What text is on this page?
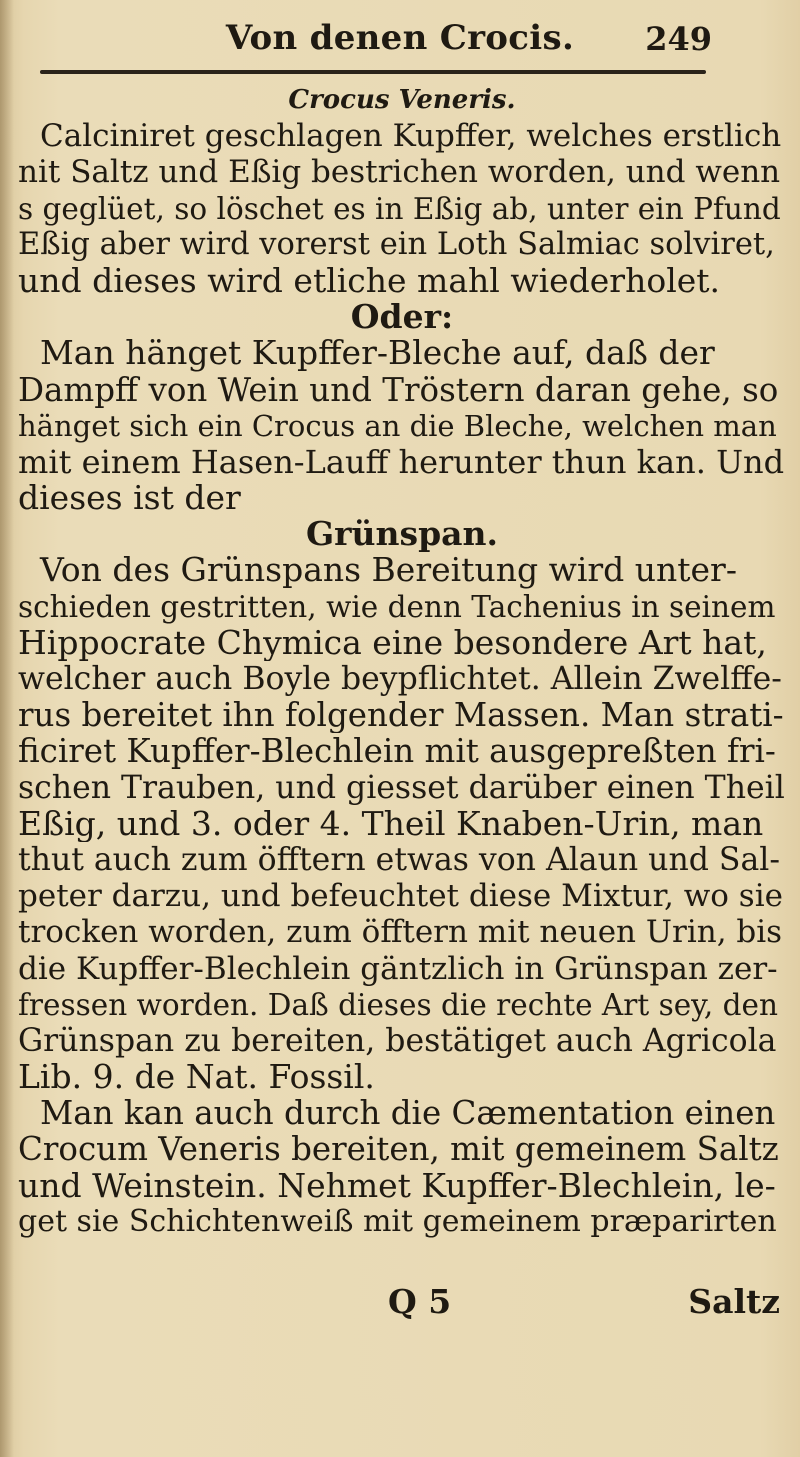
Von denen Crocis.	249
Crocus Veneris.
Calciniret geschlagen Kupffer, welches erstlich
nit Saltz und Eßig bestrichen worden, und wenn
s geglüet, so löschet es in Eßig ab, unter ein Pfund
Eßig aber wird vorerst ein Loth Salmiac solviret,
und dieses wird etliche mahl wiederholet.
Oder:
Man hänget Kupffer-Bleche auf, daß der
Dampff von Wein und Tröstern daran gehe, so
hänget sich ein Crocus an die Bleche, welchen man
mit einem Hasen-Lauff herunter thun kan. Und
dieses ist der
Grünspan.
Von des Grünspans Bereitung wird unter-
schieden gestritten, wie denn Tachenius in seinem
Hippocrate Chymica eine besondere Art hat,
welcher auch Boyle beypflichtet. Allein Zwelffe-
rus bereitet ihn folgender Massen. Man strati-
ficiret Kupffer-Blechlein mit ausgepreßten fri-
schen Trauben, und giesset darüber einen Theil
Eßig, und 3. oder 4. Theil Knaben-Urin, man
thut auch zum öfftern etwas von Alaun und Sal-
peter darzu, und befeuchtet diese Mixtur, wo sie
trocken worden, zum öfftern mit neuen Urin, bis
die Kupffer-Blechlein gäntzlich in Grünspan zer-
fressen worden. Daß dieses die rechte Art sey, den
Grünspan zu bereiten, bestätiget auch Agricola
Lib. 9. de Nat. Fossil.
Man kan auch durch die Cæmentation einen
Crocum Veneris bereiten, mit gemeinem Saltz
und Weinstein. Nehmet Kupffer-Blechlein, le-
get sie Schichtenweiß mit gemeinem præparirten
Q 5	Saltz
